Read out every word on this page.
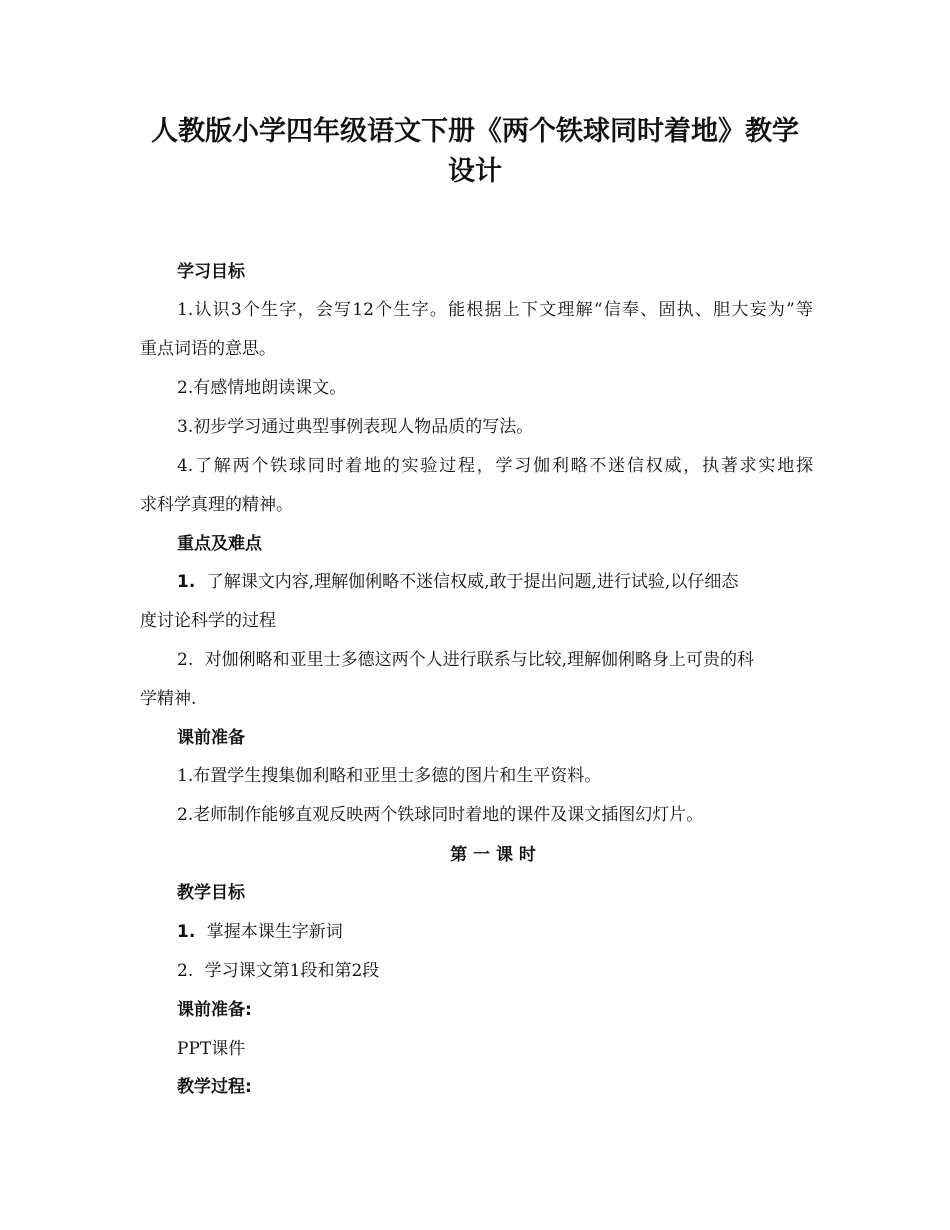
人教版小学四年级语文下册《两个铁球同时着地》教学
设计

学习目标

1.认识3个生字，会写12个生字。能根据上下文理解“信奉、固执、胆大妄为”等

重点词语的意思。

2.有感情地朗读课文。

3.初步学习通过典型事例表现人物品质的写法。

4.了解两个铁球同时着地的实验过程，学习伽利略不迷信权威，执著求实地探

求科学真理的精神。

重点及难点

1. 了解课文内容,理解伽俐略不迷信权威,敢于提出问题,进行试验,以仔细态

度讨论科学的过程

2. 对伽俐略和亚里士多德这两个人进行联系与比较,理解伽俐略身上可贵的科

学精神.

课前准备

1.布置学生搜集伽利略和亚里士多德的图片和生平资料。

2.老师制作能够直观反映两个铁球同时着地的课件及课文插图幻灯片。

第 一 课 时

教学目标

1. 掌握本课生字新词

2. 学习课文第1段和第2段

课前准备:

PPT课件

教学过程:
